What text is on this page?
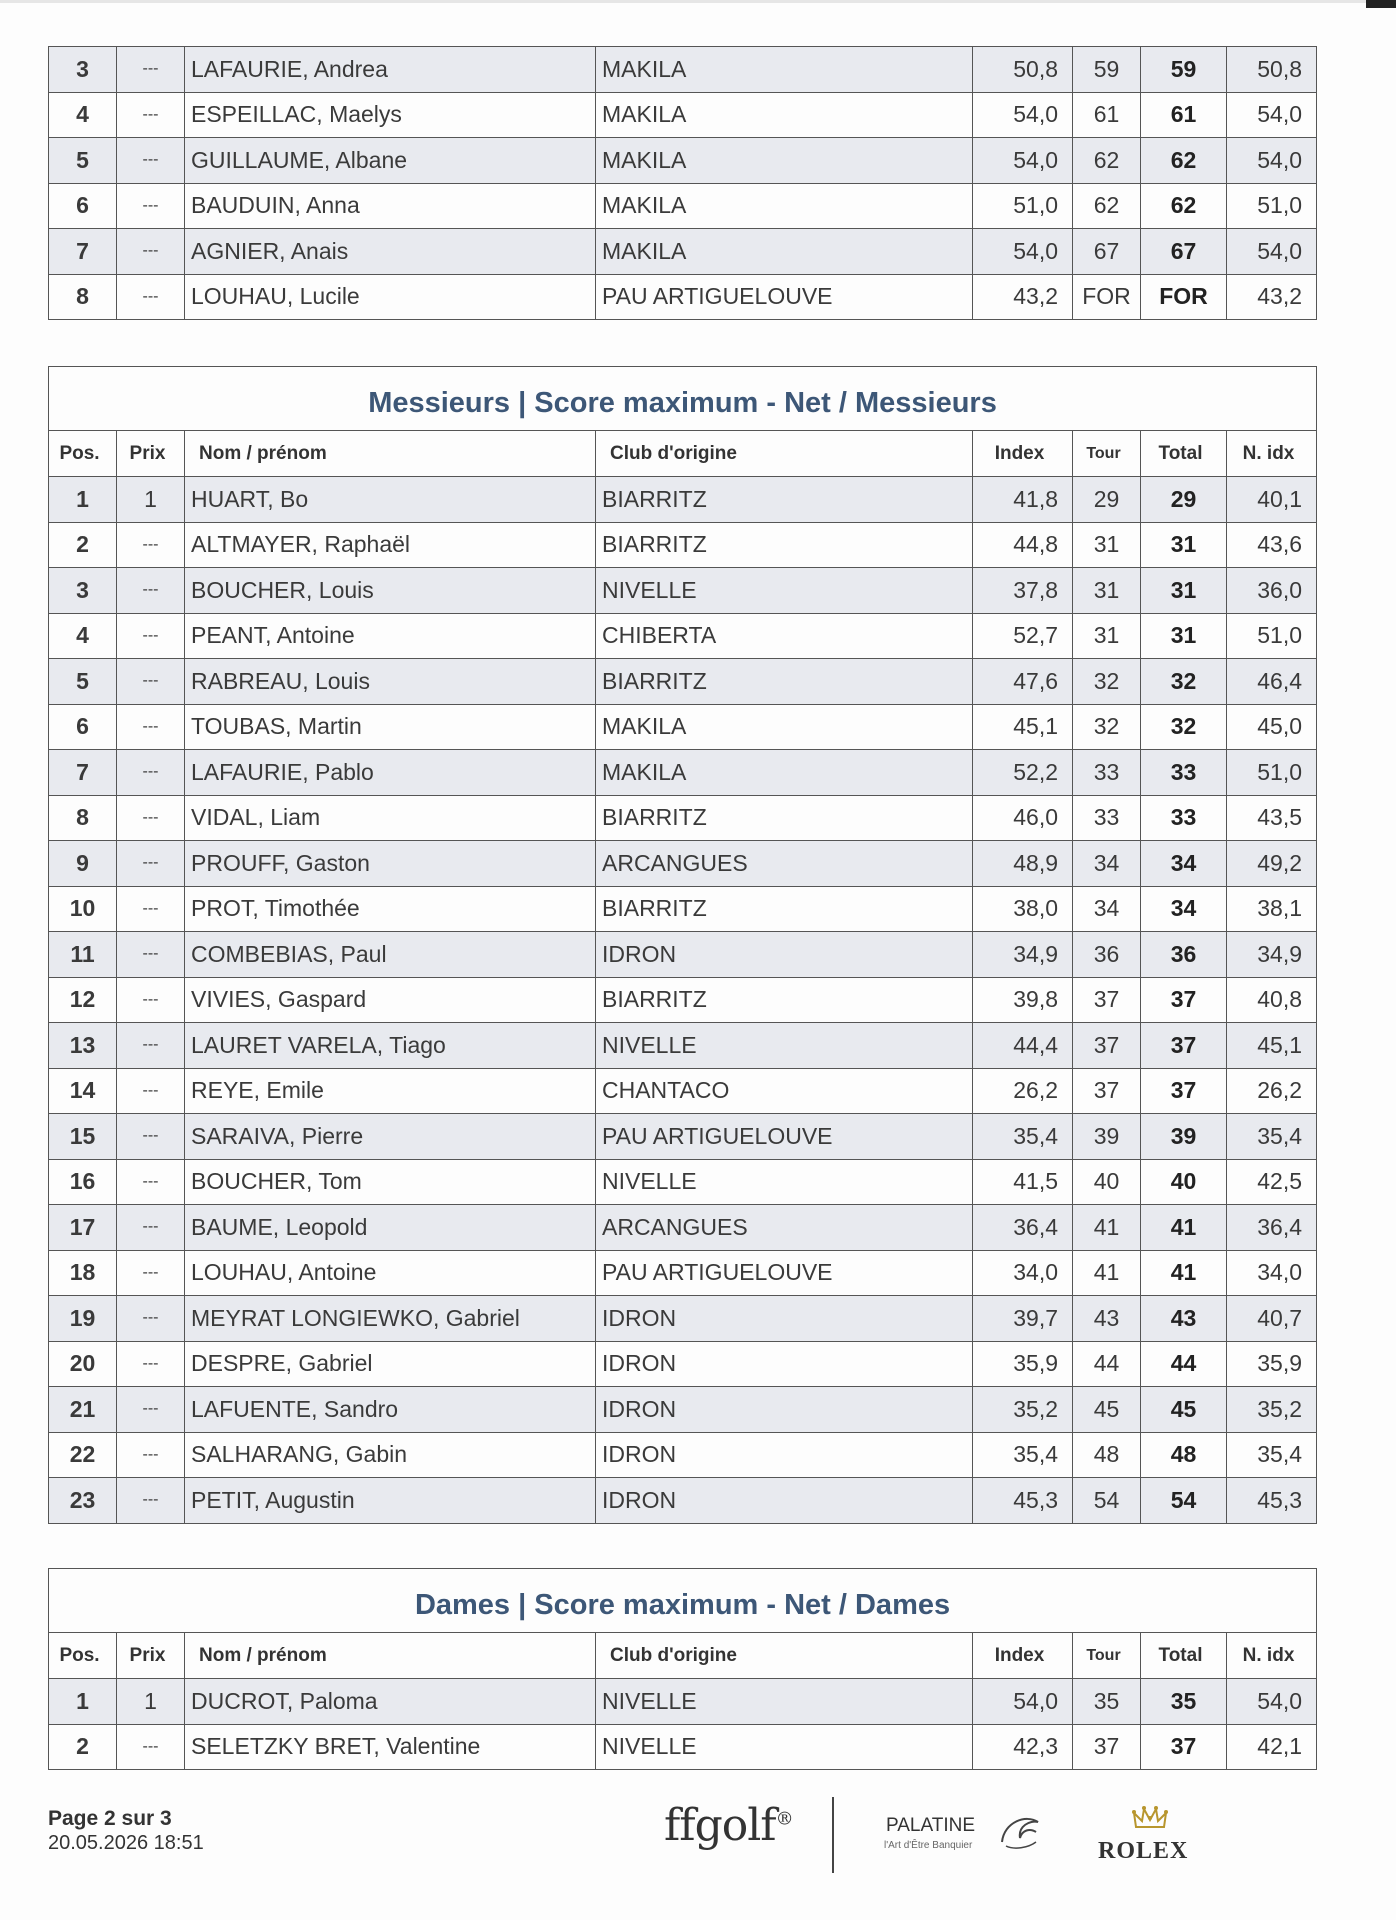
3	---	LAFAURIE, Andrea	MAKILA	50,8	59	59	50,8
4	---	ESPEILLAC, Maelys	MAKILA	54,0	61	61	54,0
5	---	GUILLAUME, Albane	MAKILA	54,0	62	62	54,0
6	---	BAUDUIN, Anna	MAKILA	51,0	62	62	51,0
7	---	AGNIER, Anais	MAKILA	54,0	67	67	54,0
8	---	LOUHAU, Lucile	PAU ARTIGUELOUVE	43,2	FOR	FOR	43,2
Messieurs | Score maximum - Net / Messieurs							
Pos.	Prix	Nom / prénom	Club d'origine	Index	Tour	Total	N. idx
1	1	HUART, Bo	BIARRITZ	41,8	29	29	40,1
2	---	ALTMAYER, Raphaël	BIARRITZ	44,8	31	31	43,6
3	---	BOUCHER, Louis	NIVELLE	37,8	31	31	36,0
4	---	PEANT, Antoine	CHIBERTA	52,7	31	31	51,0
5	---	RABREAU, Louis	BIARRITZ	47,6	32	32	46,4
6	---	TOUBAS, Martin	MAKILA	45,1	32	32	45,0
7	---	LAFAURIE, Pablo	MAKILA	52,2	33	33	51,0
8	---	VIDAL, Liam	BIARRITZ	46,0	33	33	43,5
9	---	PROUFF, Gaston	ARCANGUES	48,9	34	34	49,2
10	---	PROT, Timothée	BIARRITZ	38,0	34	34	38,1
11	---	COMBEBIAS, Paul	IDRON	34,9	36	36	34,9
12	---	VIVIES, Gaspard	BIARRITZ	39,8	37	37	40,8
13	---	LAURET VARELA, Tiago	NIVELLE	44,4	37	37	45,1
14	---	REYE, Emile	CHANTACO	26,2	37	37	26,2
15	---	SARAIVA, Pierre	PAU ARTIGUELOUVE	35,4	39	39	35,4
16	---	BOUCHER, Tom	NIVELLE	41,5	40	40	42,5
17	---	BAUME, Leopold	ARCANGUES	36,4	41	41	36,4
18	---	LOUHAU, Antoine	PAU ARTIGUELOUVE	34,0	41	41	34,0
19	---	MEYRAT LONGIEWKO, Gabriel	IDRON	39,7	43	43	40,7
20	---	DESPRE, Gabriel	IDRON	35,9	44	44	35,9
21	---	LAFUENTE, Sandro	IDRON	35,2	45	45	35,2
22	---	SALHARANG, Gabin	IDRON	35,4	48	48	35,4
23	---	PETIT, Augustin	IDRON	45,3	54	54	45,3
Dames | Score maximum - Net / Dames							
Pos.	Prix	Nom / prénom	Club d'origine	Index	Tour	Total	N. idx
1	1	DUCROT, Paloma	NIVELLE	54,0	35	35	54,0
2	---	SELETZKY BRET, Valentine	NIVELLE	42,3	37	37	42,1
Page 2 sur 3
20.05.2026 18:51	ffgolf®	PALATINE
l'Art d'Être Banquier	ROLEX
